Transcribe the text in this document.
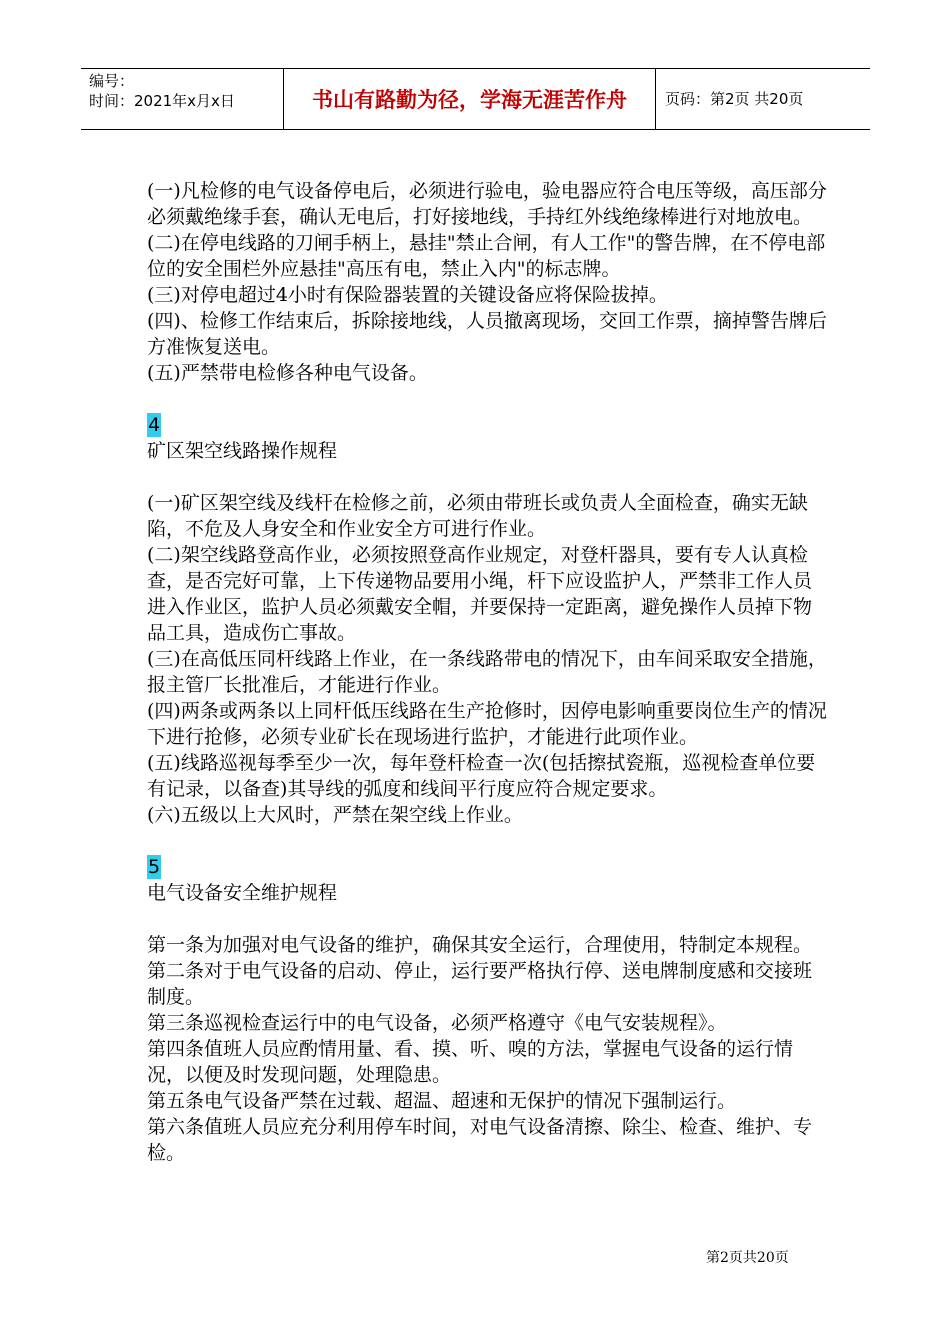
编号：
时间：2021年x月x日	书山有路勤为径，学海无涯苦作舟	页码：第2页 共20页

(一)凡检修的电气设备停电后，必须进行验电，验电器应符合电压等级，高压部分必须戴绝缘手套，确认无电后，打好接地线，手持红外线绝缘棒进行对地放电。

(二)在停电线路的刀闸手柄上，悬挂"禁止合闸，有人工作"的警告牌，在不停电部位的安全围栏外应悬挂"高压有电，禁止入内"的标志牌。

(三)对停电超过4小时有保险器装置的关键设备应将保险拔掉。

(四)、检修工作结束后，拆除接地线，人员撤离现场，交回工作票，摘掉警告牌后方准恢复送电。

(五)严禁带电检修各种电气设备。

4

矿区架空线路操作规程

(一)矿区架空线及线杆在检修之前，必须由带班长或负责人全面检查，确实无缺陷，不危及人身安全和作业安全方可进行作业。

(二)架空线路登高作业，必须按照登高作业规定，对登杆器具，要有专人认真检查，是否完好可靠，上下传递物品要用小绳，杆下应设监护人，严禁非工作人员进入作业区，监护人员必须戴安全帽，并要保持一定距离，避免操作人员掉下物品工具，造成伤亡事故。

(三)在高低压同杆线路上作业，在一条线路带电的情况下，由车间采取安全措施，报主管厂长批准后，才能进行作业。

(四)两条或两条以上同杆低压线路在生产抢修时，因停电影响重要岗位生产的情况下进行抢修，必须专业矿长在现场进行监护，才能进行此项作业。

(五)线路巡视每季至少一次，每年登杆检查一次(包括擦拭瓷瓶，巡视检查单位要有记录，以备查)其导线的弧度和线间平行度应符合规定要求。

(六)五级以上大风时，严禁在架空线上作业。

5

电气设备安全维护规程

第一条为加强对电气设备的维护，确保其安全运行，合理使用，特制定本规程。

第二条对于电气设备的启动、停止，运行要严格执行停、送电牌制度感和交接班制度。

第三条巡视检查运行中的电气设备，必须严格遵守《电气安装规程》。

第四条值班人员应酌情用量、看、摸、听、嗅的方法，掌握电气设备的运行情况，以便及时发现问题，处理隐患。

第五条电气设备严禁在过载、超温、超速和无保护的情况下强制运行。

第六条值班人员应充分利用停车时间，对电气设备清擦、除尘、检查、维护、专检。

第2页共20页
